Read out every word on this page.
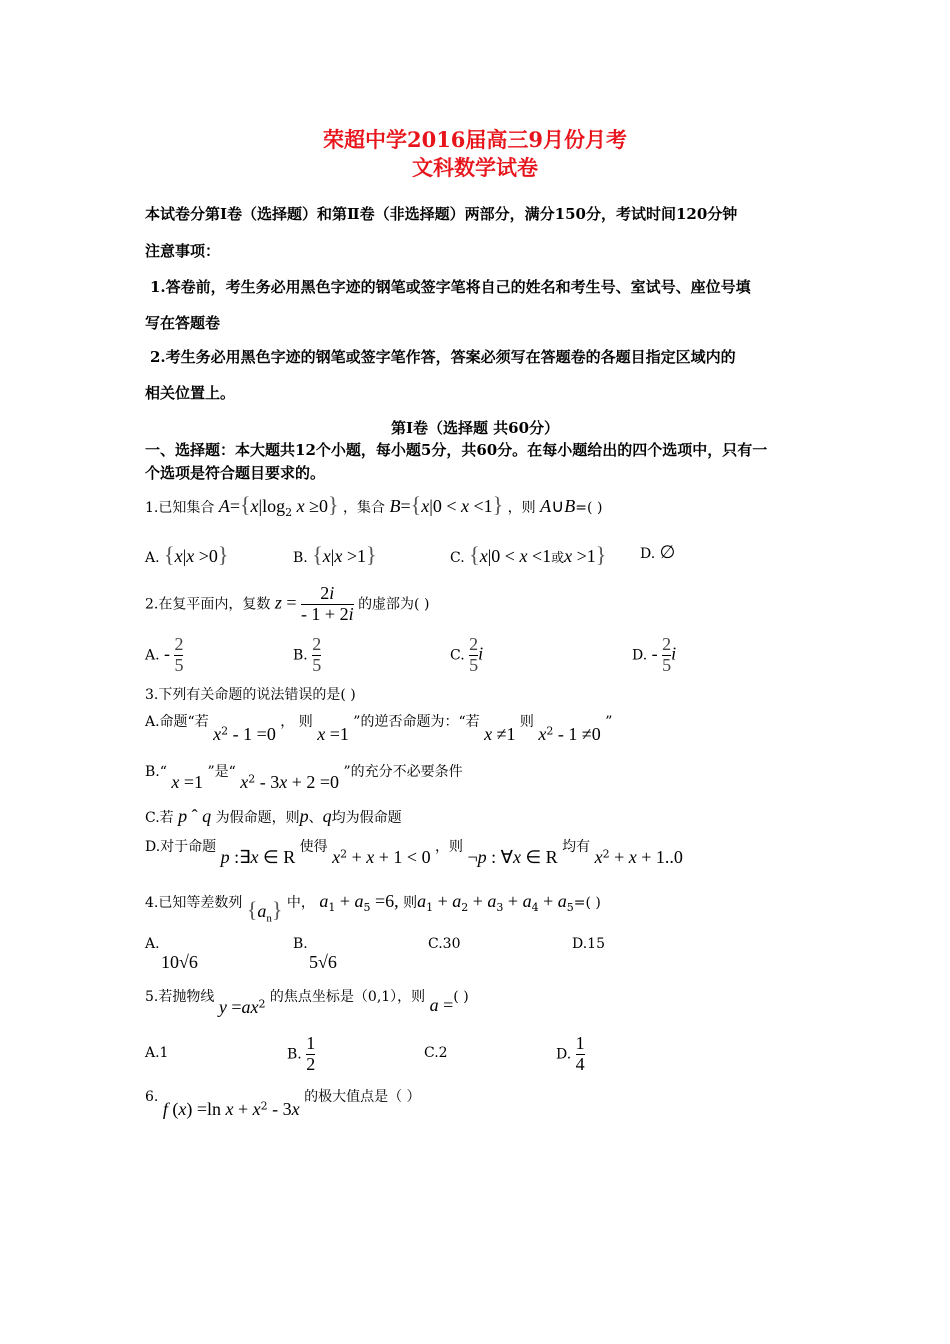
荣超中学2016届高三9月份月考
文科数学试卷
本试卷分第Ⅰ卷（选择题）和第Ⅱ卷（非选择题）两部分，满分150分，考试时间120分钟
注意事项：
1.答卷前，考生务必用黑色字迹的钢笔或签字笔将自己的姓名和考生号、室试号、座位号填
写在答题卷
2.考生务必用黑色字迹的钢笔或签字笔作答，答案必须写在答题卷的各题目指定区域内的
相关位置上。
第Ⅰ卷（选择题 共60分）
一、选择题：本大题共12个小题，每小题5分，共60分。在每小题给出的四个选项中，只有一
个选项是符合题目要求的。
1.已知集合 $A=\{x|\log_2$ x ≥0} ，集合 B={x|0 < x <1} ，则 A∪B=( )
A. {x|x >0}	B. {x|x >1}	C. {x|0 < x <1或x >1} D. ∅
2.在复平面内，复数 $z = \frac{2i}{- 1 + 2i}$ 的虚部为( )
A. - $\frac{2}{5}$	B. $\frac{2}{5}$	C. $\frac{2}{5}$ i	D. - $\frac{2}{5}$ i
3.下列有关命题的说法错误的是( )
A.命题“若 $x^2 - 1 =0$ ， 则 x =1 ”的逆否命题为：“若 x ≠1 则 $x^2 - 1 \ne 0$ ”
B.“ x =1 ”是“ $x^2 - 3x + 2 =0$ ”的充分不必要条件
C.若 p ˆ q 为假命题，则p、q均为假命题
D.对于命题 p :∃x ∈ R 使得 $x^2 + x + 1 < 0$ ，则 ¬p : ∀x ∈ R 均有 $x^2 + x + 1..0$
4.已知等差数列 $\{a_n\}$ 中， $a_1 + a_5 =6$, 则$a_1 + a_2 + a_3 + a_4 + a_5=$( )
A.
10√6
B.
5√6
C.30	D.15
5.若抛物线 $y =ax^2$ 的焦点坐标是（0,1），则 a =( )
A.1	B. $\frac{1}{2}$	C.2	D. $\frac{1}{4}$
6. f (x) =ln $x + x^2 - 3x$ 的极大值点是（ ）
